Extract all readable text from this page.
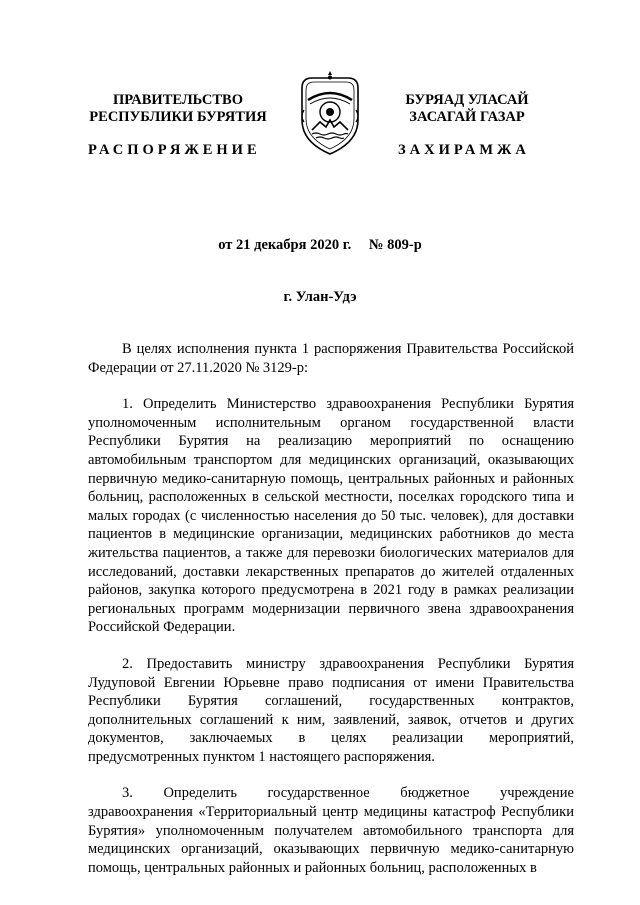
ПРАВИТЕЛЬСТВО
РЕСПУБЛИКИ БУРЯТИЯ
РАСПОРЯЖЕНИЕ
БУРЯАД УЛАСАЙ
ЗАСАГАЙ ГАЗАР
ЗАХИРАМЖА
от 21 декабря 2020 г. № 809-р
г. Улан-Удэ

В целях исполнения пункта 1 распоряжения Правительства Российской Федерации от 27.11.2020 № 3129-р:

1. Определить Министерство здравоохранения Республики Бурятия уполномоченным исполнительным органом государственной власти Республики Бурятия на реализацию мероприятий по оснащению автомобильным транспортом для медицинских организаций, оказывающих первичную медико-санитарную помощь, центральных районных и районных больниц, расположенных в сельской местности, поселках городского типа и малых городах (с численностью населения до 50 тыс. человек), для доставки пациентов в медицинские организации, медицинских работников до места жительства пациентов, а также для перевозки биологических материалов для исследований, доставки лекарственных препаратов до жителей отдаленных районов, закупка которого предусмотрена в 2021 году в рамках реализации региональных программ модернизации первичного звена здравоохранения Российской Федерации.

2. Предоставить министру здравоохранения Республики Бурятия Лудуповой Евгении Юрьевне право подписания от имени Правительства Республики Бурятия соглашений, государственных контрактов, дополнительных соглашений к ним, заявлений, заявок, отчетов и других документов, заключаемых в целях реализации мероприятий, предусмотренных пунктом 1 настоящего распоряжения.

3. Определить государственное бюджетное учреждение здравоохранения «Территориальный центр медицины катастроф Республики Бурятия» уполномоченным получателем автомобильного транспорта для медицинских организаций, оказывающих первичную медико-санитарную помощь, центральных районных и районных больниц, расположенных в
